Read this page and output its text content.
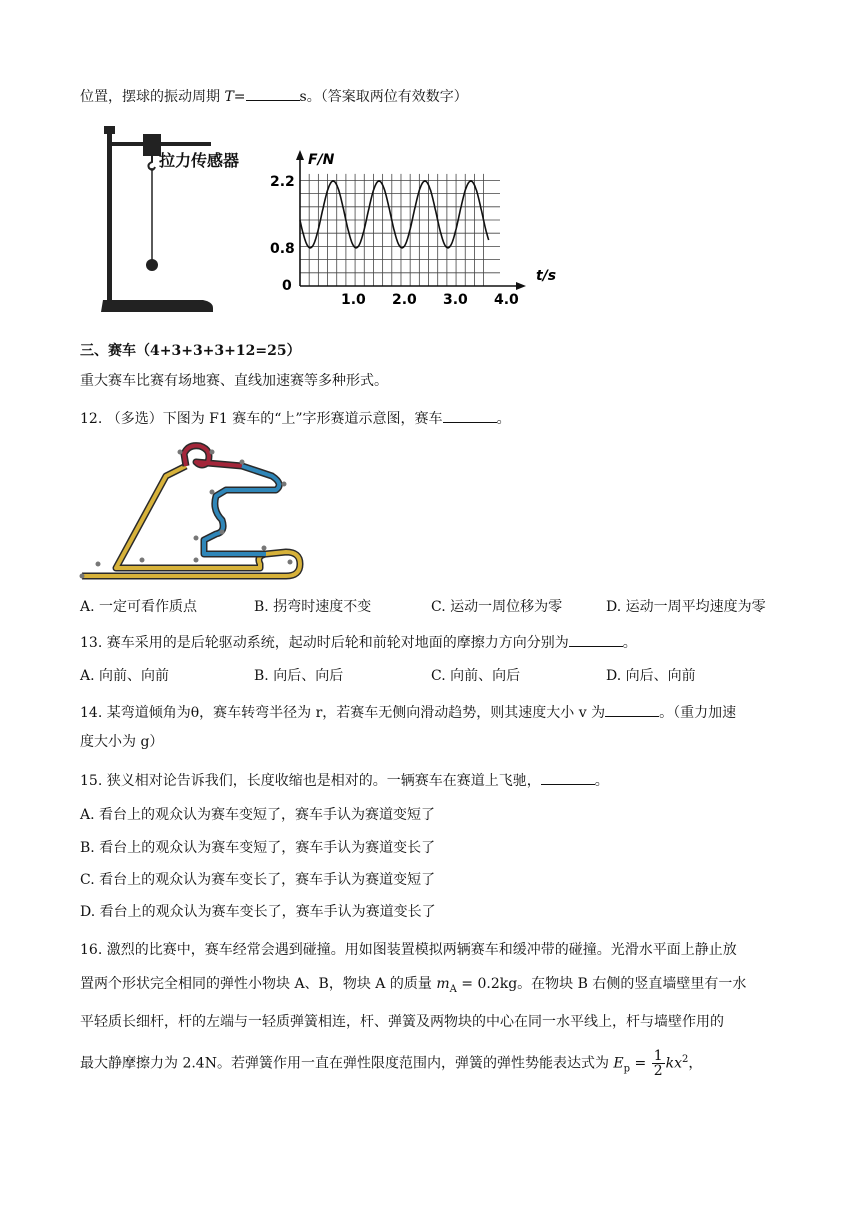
位置，摆球的振动周期 T=	s。（答案取两位有效数字）
拉力传感器	F/N
t/s
0
2.2
0.8
1.0 2.0 3.0 4.0
三、赛车（4+3+3+3+12=25）
重大赛车比赛有场地赛、直线加速赛等多种形式。
12. （多选）下图为 F1 赛车的“上”字形赛道示意图，赛车	。
A. 一定可看作质点	B. 拐弯时速度不变	C. 运动一周位移为零	D. 运动一周平均速度为零
13. 赛车采用的是后轮驱动系统，起动时后轮和前轮对地面的摩擦力方向分别为	。
A. 向前、向前	B. 向后、向后	C. 向前、向后	D. 向后、向前
14. 某弯道倾角为θ，赛车转弯半径为 r，若赛车无侧向滑动趋势，则其速度大小 v 为	。（重力加速
度大小为 g）
15. 狭义相对论告诉我们，长度收缩也是相对的。一辆赛车在赛道上飞驰，	。
A. 看台上的观众认为赛车变短了，赛车手认为赛道变短了
B. 看台上的观众认为赛车变短了，赛车手认为赛道变长了
C. 看台上的观众认为赛车变长了，赛车手认为赛道变短了
D. 看台上的观众认为赛车变长了，赛车手认为赛道变长了
16. 激烈的比赛中，赛车经常会遇到碰撞。用如图装置模拟两辆赛车和缓冲带的碰撞。光滑水平面上静止放
置两个形状完全相同的弹性小物块 A、B，物块 A 的质量 $m_A = 0.2kg$。在物块 B 右侧的竖直墙壁里有一水
平轻质长细杆，杆的左端与一轻质弹簧相连，杆、弹簧及两物块的中心在同一水平线上，杆与墙壁作用的
最大静摩擦力为 2.4N。若弹簧作用一直在弹性限度范围内，弹簧的弹性势能表达式为 $E_p = \frac{1}{2} kx^2$，
